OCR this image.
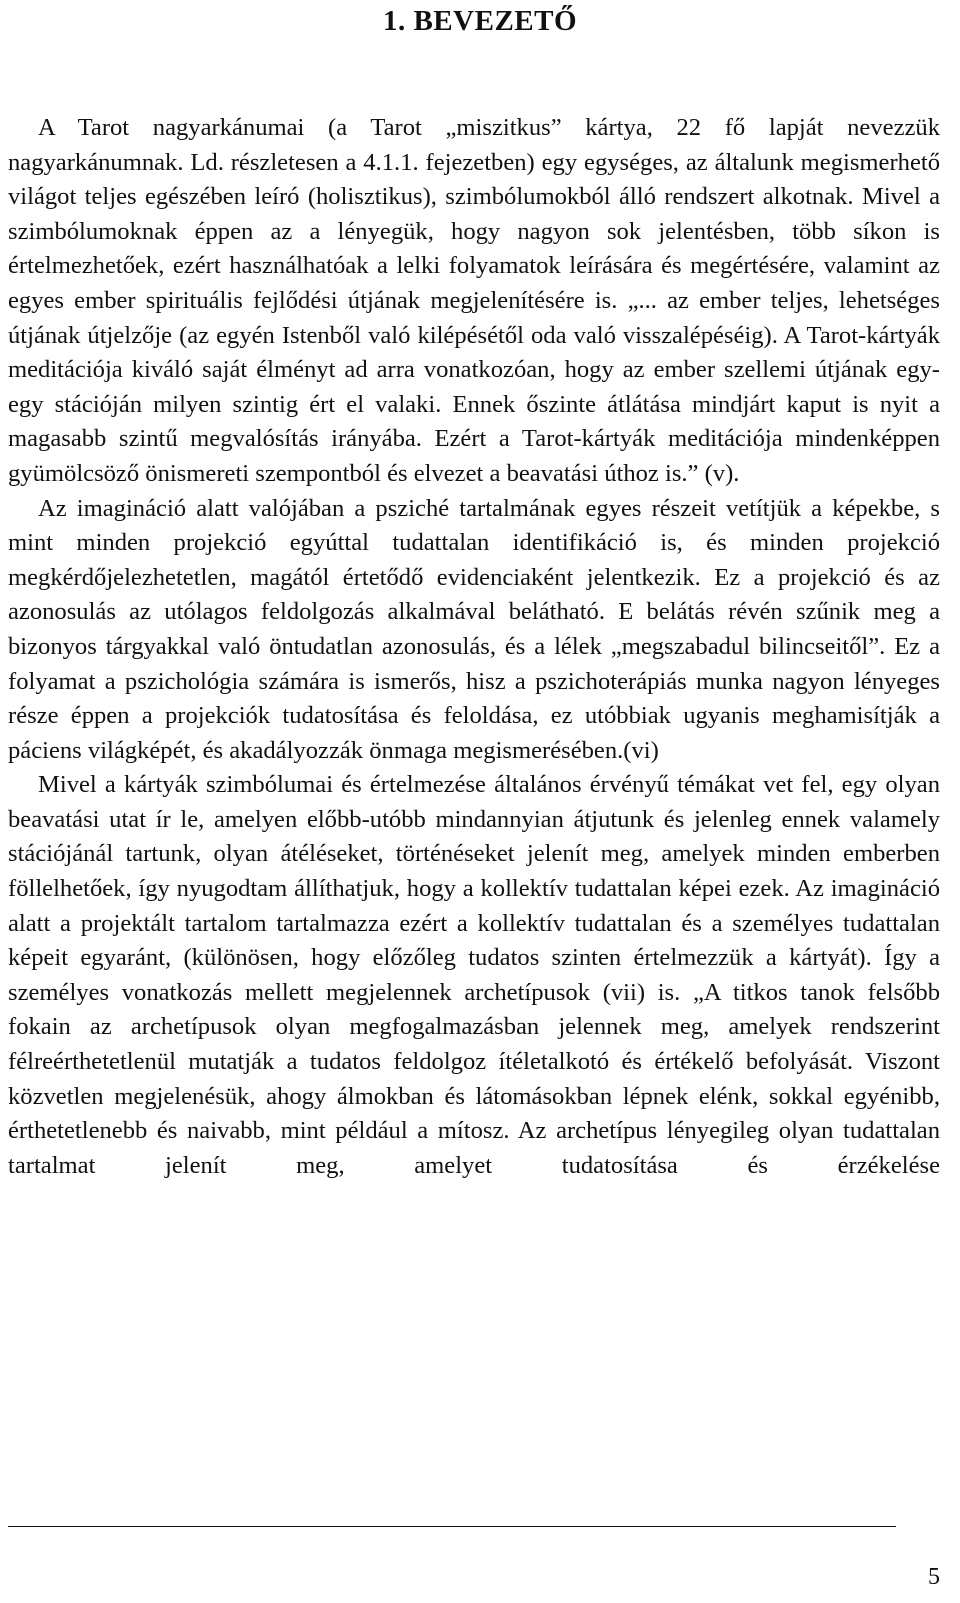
1. BEVEZETŐ

A Tarot nagyarkánumai (a Tarot „miszitkus” kártya, 22 fő lapját nevezzük nagyarkánumnak. Ld. részletesen a 4.1.1. fejezetben) egy egységes, az általunk megismerhető világot teljes egészében leíró (holisztikus), szimbólumokból álló rendszert alkotnak. Mivel a szimbólumoknak éppen az a lényegük, hogy nagyon sok jelentésben, több síkon is értelmezhetőek, ezért használhatóak a lelki folyamatok leírására és megértésére, valamint az egyes ember spirituális fejlődési útjának megjelenítésére is. „... az ember teljes, lehetséges útjának útjelzője (az egyén Istenből való kilépésétől oda való visszalépéséig). A Tarot-kártyák meditációja kiváló saját élményt ad arra vonatkozóan, hogy az ember szellemi útjának egy-egy stációján milyen szintig ért el valaki. Ennek őszinte átlátása mindjárt kaput is nyit a magasabb szintű megvalósítás irányába. Ezért a Tarot-kártyák meditációja mindenképpen gyümölcsöző önismereti szempontból és elvezet a beavatási úthoz is.” (v).

Az imagináció alatt valójában a psziché tartalmának egyes részeit vetítjük a képekbe, s mint minden projekció egyúttal tudattalan identifikáció is, és minden projekció megkérdőjelezhetetlen, magától értetődő evidenciaként jelentkezik. Ez a projekció és az azonosulás az utólagos feldolgozás alkalmával belátható. E belátás révén szűnik meg a bizonyos tárgyakkal való öntudatlan azonosulás, és a lélek „megszabadul bilincseitől”. Ez a folyamat a pszichológia számára is ismerős, hisz a pszichoterápiás munka nagyon lényeges része éppen a projekciók tudatosítása és feloldása, ez utóbbiak ugyanis meghamisítják a páciens világképét, és akadályozzák önmaga megismerésében.(vi)

Mivel a kártyák szimbólumai és értelmezése általános érvényű témákat vet fel, egy olyan beavatási utat ír le, amelyen előbb-utóbb mindannyian átjutunk és jelenleg ennek valamely stációjánál tartunk, olyan átéléseket, történéseket jelenít meg, amelyek minden emberben föllelhetőek, így nyugodtam állíthatjuk, hogy a kollektív tudattalan képei ezek. Az imagináció alatt a projektált tartalom tartalmazza ezért a kollektív tudattalan és a személyes tudattalan képeit egyaránt, (különösen, hogy előzőleg tudatos szinten értelmezzük a kártyát). Így a személyes vonatkozás mellett megjelennek archetípusok (vii) is. „A titkos tanok felsőbb fokain az archetípusok olyan megfogalmazásban jelennek meg, amelyek rendszerint félreérthetetlenül mutatják a tudatos feldolgoz ítéletalkotó és értékelő befolyását. Viszont közvetlen megjelenésük, ahogy álmokban és látomásokban lépnek elénk, sokkal egyénibb, érthetetlenebb és naivabb, mint például a mítosz. Az archetípus lényegileg olyan tudattalan tartalmat jelenít meg, amelyet tudatosítása és érzékelése

5
